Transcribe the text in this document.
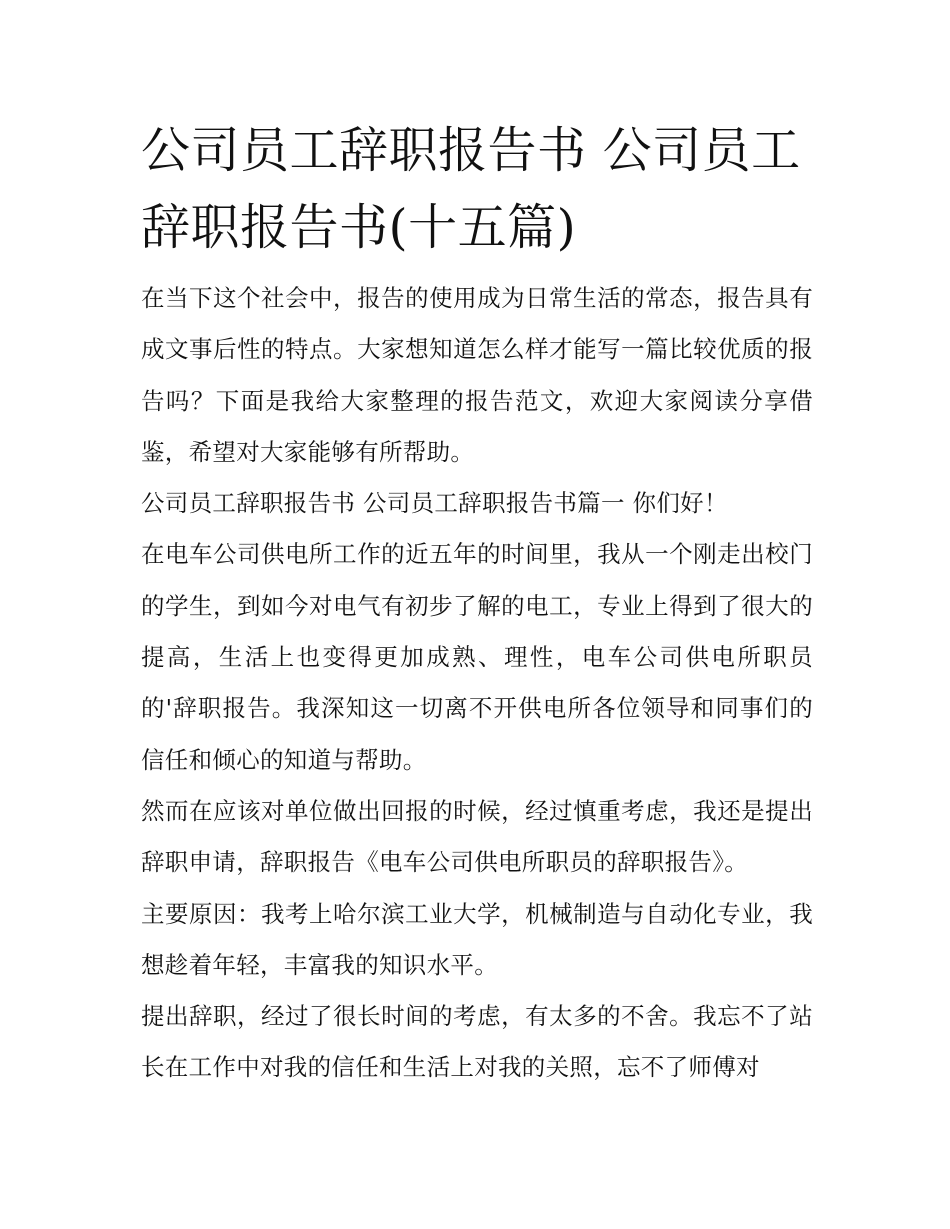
公司员工辞职报告书 公司员工辞职报告书(十五篇)

在当下这个社会中，报告的使用成为日常生活的常态，报告具有成文事后性的特点。大家想知道怎么样才能写一篇比较优质的报告吗？下面是我给大家整理的报告范文，欢迎大家阅读分享借鉴，希望对大家能够有所帮助。

公司员工辞职报告书 公司员工辞职报告书篇一 你们好！

在电车公司供电所工作的近五年的时间里，我从一个刚走出校门的学生，到如今对电气有初步了解的电工，专业上得到了很大的提高，生活上也变得更加成熟、理性，电车公司供电所职员的'辞职报告。我深知这一切离不开供电所各位领导和同事们的信任和倾心的知道与帮助。

然而在应该对单位做出回报的时候，经过慎重考虑，我还是提出辞职申请，辞职报告《电车公司供电所职员的辞职报告》。

主要原因：我考上哈尔滨工业大学，机械制造与自动化专业，我想趁着年轻，丰富我的知识水平。

提出辞职，经过了很长时间的考虑，有太多的不舍。我忘不了站长在工作中对我的信任和生活上对我的关照，忘不了师傅对
